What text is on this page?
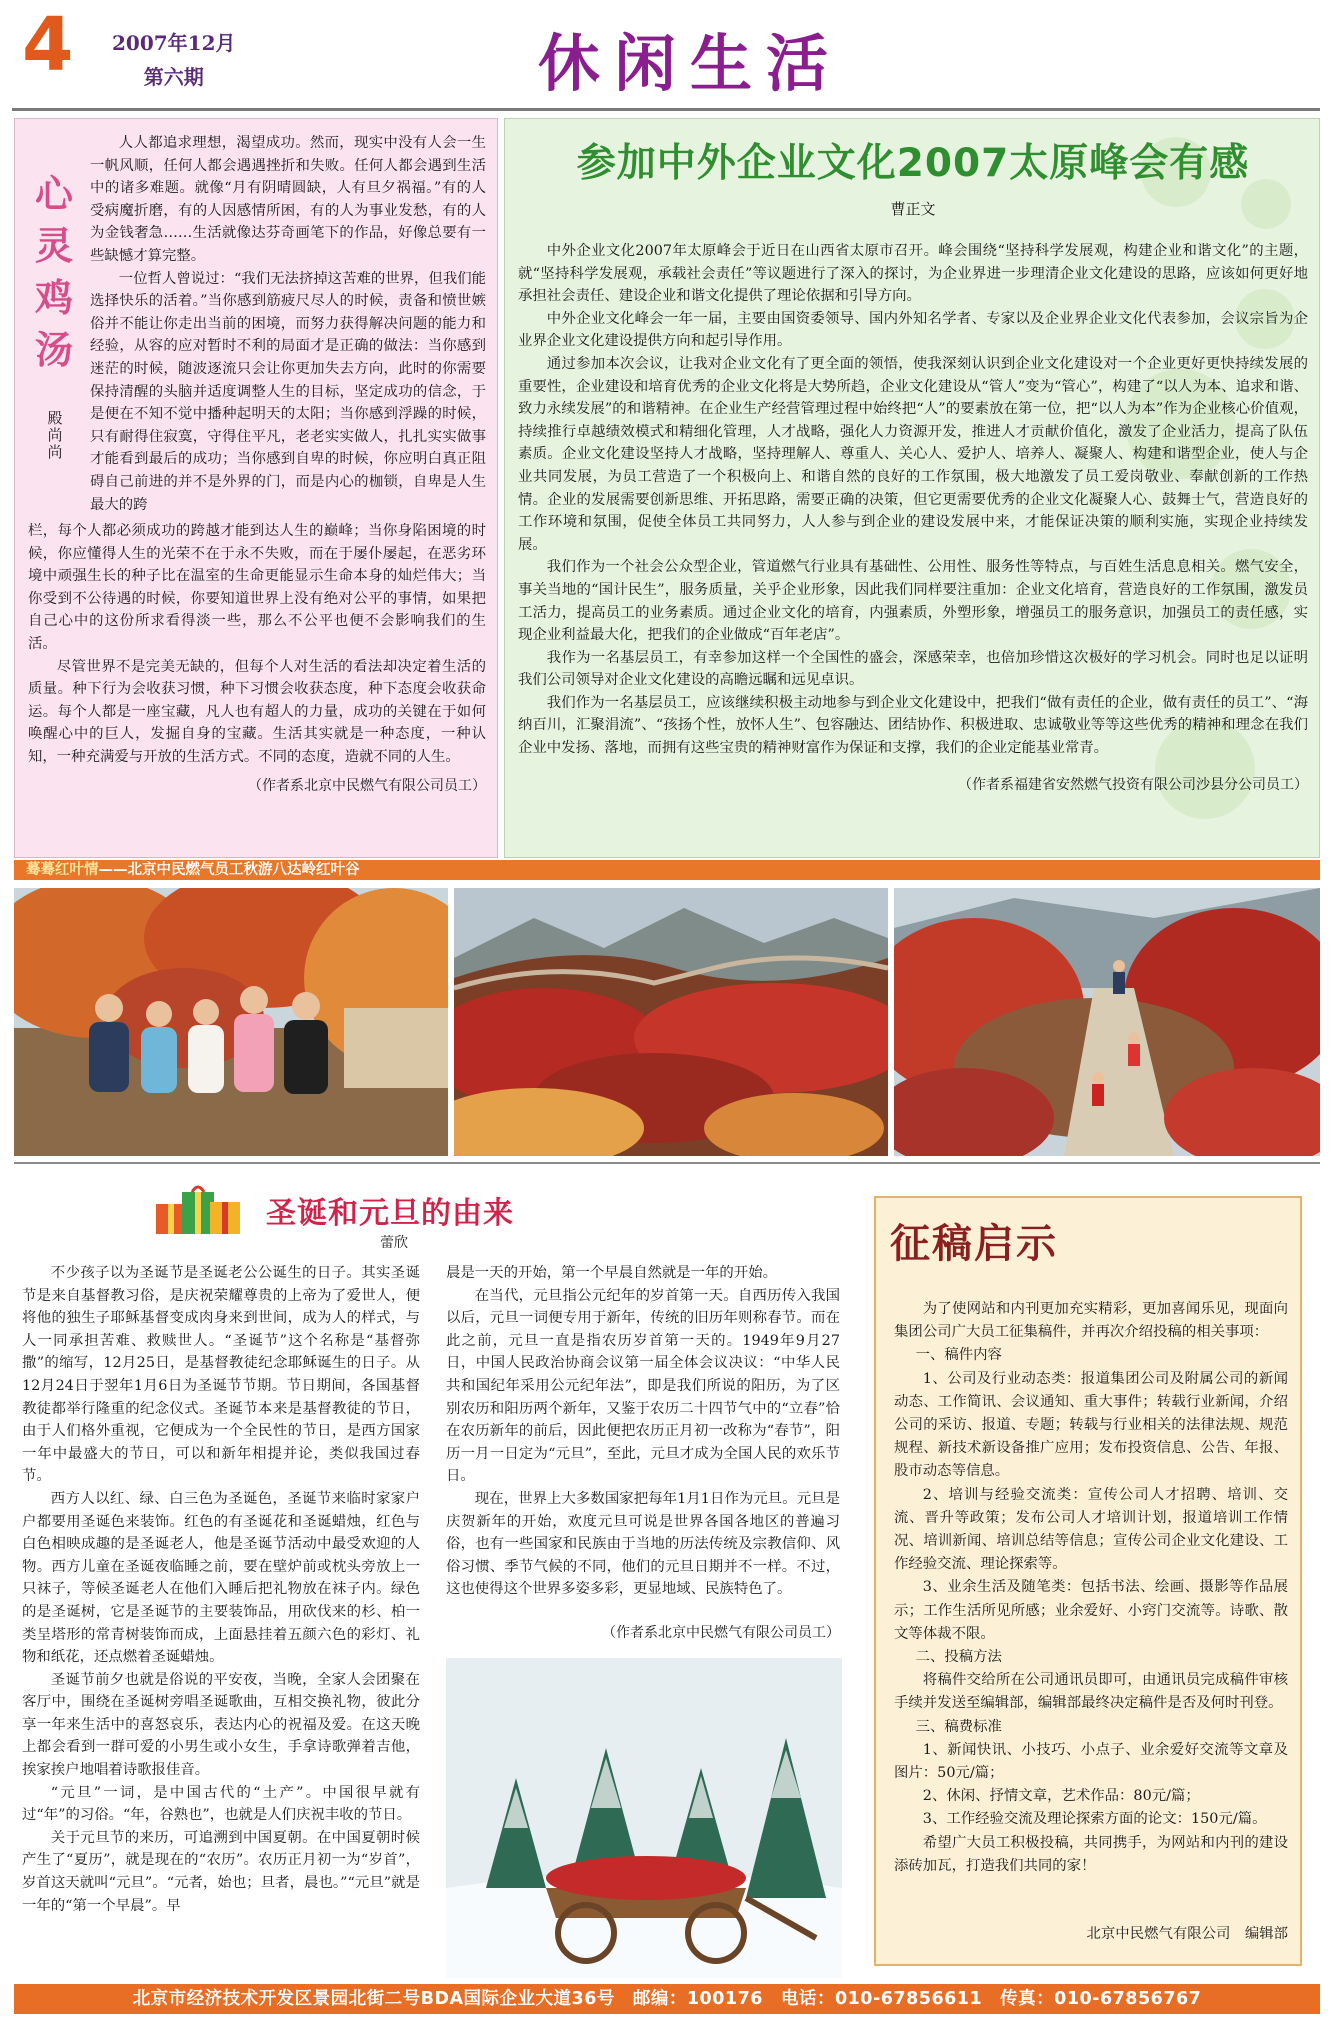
4 2007年12月
第六期	休闲生活
心灵鸡汤
殿尚尚

人人都追求理想，渴望成功。然而，现实中没有人会一生一帆风顺，任何人都会遇遇挫折和失败。任何人都会遇到生活中的诸多难题。就像“月有阴晴圆缺，人有旦夕祸福。”有的人受病魔折磨，有的人因感情所困，有的人为事业发愁，有的人为金钱奢急……生活就像达芬奇画笔下的作品，好像总要有一些缺憾才算完整。

一位哲人曾说过：“我们无法挤掉这苦难的世界，但我们能选择快乐的活着。”当你感到筋疲尺尽人的时候，责备和愤世嫉俗并不能让你走出当前的困境，而努力获得解决问题的能力和经验，从容的应对暂时不利的局面才是正确的做法：当你感到迷茫的时候，随波逐流只会让你更加失去方向，此时的你需要保持清醒的头脑并适度调整人生的目标，坚定成功的信念，于是便在不知不觉中播种起明天的太阳；当你感到浮躁的时候，只有耐得住寂寞，守得住平凡，老老实实做人，扎扎实实做事才能看到最后的成功；当你感到自卑的时候，你应明白真正阻碍自己前进的并不是外界的门，而是内心的枷锁，自卑是人生最大的跨

栏，每个人都必须成功的跨越才能到达人生的巅峰；当你身陷困境的时候，你应懂得人生的光荣不在于永不失败，而在于屡仆屡起，在恶劣环境中顽强生长的种子比在温室的生命更能显示生命本身的灿烂伟大；当你受到不公待遇的时候，你要知道世界上没有绝对公平的事情，如果把自己心中的这份所求看得淡一些，那么不公平也便不会影响我们的生活。

尽管世界不是完美无缺的，但每个人对生活的看法却决定着生活的质量。种下行为会收获习惯，种下习惯会收获态度，种下态度会收获命运。每个人都是一座宝藏，凡人也有超人的力量，成功的关键在于如何唤醒心中的巨人，发掘自身的宝藏。生活其实就是一种态度，一种认知，一种充满爱与开放的生活方式。不同的态度，造就不同的人生。

（作者系北京中民燃气有限公司员工）
参加中外企业文化2007太原峰会有感
曹正文

中外企业文化2007年太原峰会于近日在山西省太原市召开。峰会围绕“坚持科学发展观，构建企业和谐文化”的主题，就“坚持科学发展观，承载社会责任”等议题进行了深入的探讨，为企业界进一步理清企业文化建设的思路，应该如何更好地承担社会责任、建设企业和谐文化提供了理论依据和引导方向。

中外企业文化峰会一年一届，主要由国资委领导、国内外知名学者、专家以及企业界企业文化代表参加，会议宗旨为企业界企业文化建设提供方向和起引导作用。

通过参加本次会议，让我对企业文化有了更全面的领悟，使我深刻认识到企业文化建设对一个企业更好更快持续发展的重要性，企业建设和培育优秀的企业文化将是大势所趋，企业文化建设从“管人”变为“管心”，构建了“以人为本、追求和谐、致力永续发展”的和谐精神。在企业生产经营管理过程中始终把“人”的要素放在第一位，把“以人为本”作为企业核心价值观，持续推行卓越绩效模式和精细化管理，人才战略，强化人力资源开发，推进人才贡献价值化，激发了企业活力，提高了队伍素质。企业文化建设坚持人才战略，坚持理解人、尊重人、关心人、爱护人、培养人、凝聚人、构建和谐型企业，使人与企业共同发展，为员工营造了一个积极向上、和谐自然的良好的工作氛围，极大地激发了员工爱岗敬业、奉献创新的工作热情。企业的发展需要创新思维、开拓思路，需要正确的决策，但它更需要优秀的企业文化凝聚人心、鼓舞士气，营造良好的工作环境和氛围，促使全体员工共同努力，人人参与到企业的建设发展中来，才能保证决策的顺利实施，实现企业持续发展。

我们作为一个社会公众型企业，管道燃气行业具有基础性、公用性、服务性等特点，与百姓生活息息相关。燃气安全，事关当地的“国计民生”，服务质量，关乎企业形象，因此我们同样要注重加：企业文化培育，营造良好的工作氛围，激发员工活力，提高员工的业务素质。通过企业文化的培育，内强素质，外塑形象，增强员工的服务意识，加强员工的责任感，实现企业利益最大化，把我们的企业做成“百年老店”。

我作为一名基层员工，有幸参加这样一个全国性的盛会，深感荣幸，也倍加珍惜这次极好的学习机会。同时也足以证明我们公司领导对企业文化建设的高瞻远瞩和远见卓识。

我们作为一名基层员工，应该继续积极主动地参与到企业文化建设中，把我们“做有责任的企业，做有责任的员工”、“海纳百川，汇聚涓流”、“孩扬个性，放怀人生”、包容融达、团结协作、积极进取、忠诚敬业等等这些优秀的精神和理念在我们企业中发扬、落地，而拥有这些宝贵的精神财富作为保证和支撑，我们的企业定能基业常青。

（作者系福建省安然燃气投资有限公司沙县分公司员工）
蓦蓦红叶情——北京中民燃气员工秋游八达岭红叶谷
圣诞和元旦的由来
蕾欣

不少孩子以为圣诞节是圣诞老公公诞生的日子。其实圣诞节是来自基督教习俗，是庆祝荣耀尊贵的上帝为了爱世人，便将他的独生子耶稣基督变成肉身来到世间，成为人的样式，与人一同承担苦难、救赎世人。“圣诞节”这个名称是“基督弥撒”的缩写，12月25日，是基督教徒纪念耶稣诞生的日子。从12月24日于翌年1月6日为圣诞节节期。节日期间，各国基督教徒都举行隆重的纪念仪式。圣诞节本来是基督教徒的节日，由于人们格外重视，它便成为一个全民性的节日，是西方国家一年中最盛大的节日，可以和新年相提并论，类似我国过春节。

西方人以红、绿、白三色为圣诞色，圣诞节来临时家家户户都要用圣诞色来装饰。红色的有圣诞花和圣诞蜡烛，红色与白色相映成趣的是圣诞老人，他是圣诞节活动中最受欢迎的人物。西方儿童在圣诞夜临睡之前，要在壁炉前或枕头旁放上一只袜子，等候圣诞老人在他们入睡后把礼物放在袜子内。绿色的是圣诞树，它是圣诞节的主要装饰品，用砍伐来的杉、柏一类呈塔形的常青树装饰而成，上面悬挂着五颜六色的彩灯、礼物和纸花，还点燃着圣诞蜡烛。

圣诞节前夕也就是俗说的平安夜，当晚，全家人会团聚在客厅中，围绕在圣诞树旁唱圣诞歌曲，互相交换礼物，彼此分享一年来生活中的喜怒哀乐，表达内心的祝福及爱。在这天晚上都会看到一群可爱的小男生或小女生，手拿诗歌弹着吉他，挨家挨户地唱着诗歌报佳音。

“元旦”一词，是中国古代的“土产”。中国很早就有过“年”的习俗。“年，谷熟也”，也就是人们庆祝丰收的节日。

关于元旦节的来历，可追溯到中国夏朝。在中国夏朝时候产生了“夏历”，就是现在的“农历”。农历正月初一为“岁首”，岁首这天就叫“元旦”。“元者，始也；旦者，晨也。”“元旦”就是一年的“第一个早晨”。早

晨是一天的开始，第一个早晨自然就是一年的开始。

在当代，元旦指公元纪年的岁首第一天。自西历传入我国以后，元旦一词便专用于新年，传统的旧历年则称春节。而在此之前，元旦一直是指农历岁首第一天的。1949年9月27日，中国人民政治协商会议第一届全体会议决议：“中华人民共和国纪年采用公元纪年法”，即是我们所说的阳历，为了区别农历和阳历两个新年，又鉴于农历二十四节气中的“立春”恰在农历新年的前后，因此便把农历正月初一改称为“春节”，阳历一月一日定为“元旦”，至此，元旦才成为全国人民的欢乐节日。

现在，世界上大多数国家把每年1月1日作为元旦。元旦是庆贺新年的开始，欢度元旦可说是世界各国各地区的普遍习俗，也有一些国家和民族由于当地的历法传统及宗教信仰、风俗习惯、季节气候的不同，他们的元旦日期并不一样。不过，这也使得这个世界多姿多彩，更显地域、民族特色了。

（作者系北京中民燃气有限公司员工）
征稿启示

为了使网站和内刊更加充实精彩，更加喜闻乐见，现面向集团公司广大员工征集稿件，并再次介绍投稿的相关事项：

一、稿件内容

1、公司及行业动态类：报道集团公司及附属公司的新闻动态、工作简讯、会议通知、重大事件；转载行业新闻，介绍公司的采访、报道、专题；转载与行业相关的法律法规、规范规程、新技术新设备推广应用；发布投资信息、公告、年报、股市动态等信息。

2、培训与经验交流类：宣传公司人才招聘、培训、交流、晋升等政策；发布公司人才培训计划，报道培训工作情况、培训新闻、培训总结等信息；宣传公司企业文化建设、工作经验交流、理论探索等。

3、业余生活及随笔类：包括书法、绘画、摄影等作品展示；工作生活所见所感；业余爱好、小窍门交流等。诗歌、散文等体裁不限。

二、投稿方法

将稿件交给所在公司通讯员即可，由通讯员完成稿件审核手续并发送至编辑部，编辑部最终决定稿件是否及何时刊登。

三、稿费标准

1、新闻快讯、小技巧、小点子、业余爱好交流等文章及图片：50元/篇；

2、休闲、抒情文章，艺术作品：80元/篇；

3、工作经验交流及理论探索方面的论文：150元/篇。

希望广大员工积极投稿，共同携手，为网站和内刊的建设添砖加瓦，打造我们共同的家！

北京中民燃气有限公司　编辑部
北京市经济技术开发区景园北街二号BDA国际企业大道36号　邮编：100176　电话：010-67856611　传真：010-67856767
